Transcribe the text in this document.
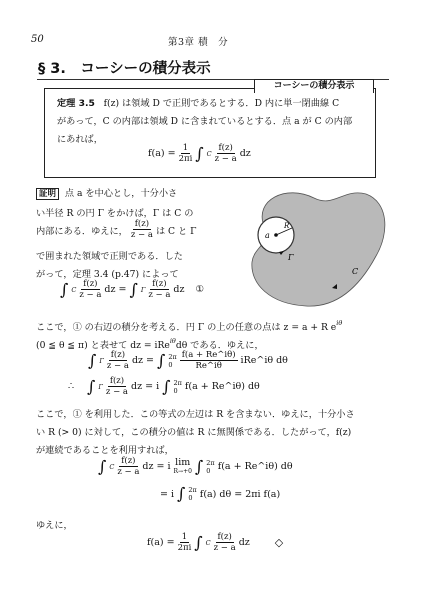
50	第3章 積　分
§ 3.　コーシーの積分表示
コーシーの積分表示
定理 3.5 f(z) は領域 D で正則であるとする．D 内に単一閉曲線 C
があって，C の内部は領域 D に含まれているとする．点 a が C の内部
にあれば，
$f(a) = \frac{1}{2\pi i}$ ∫ C $\frac{f(z)}{z - a}$ dz
証明 点 a を中心とし，十分小さ
い半径 R の円 Γ をかけば，Γ は C の
内部にある．ゆえに， $\frac{f(z)}{z - a}$ は C と Γ
で囲まれた領域で正則である．した
がって，定理 3.4 (p.47) によって
∫ C $\frac{f(z)}{z - a}$ dz = ∫ Γ $\frac{f(z)}{z - a}$ dz ①
a
R
Γ
C
ここで，① の右辺の積分を考える．円 Γ の上の任意の点は z = a + R $e^{i\theta}$
(0 ≦ θ ≦ π) と表せて dz = iRe$^{i\theta}$dθ である．ゆえに，
∫ Γ $\frac{f(z)}{z - a}$ dz = ∫ 2π
$0 \frac{f(a + Re\^{}i\theta)}{Re\^{}i\theta}$ iRe^iθ dθ
∴ ∫ Γ $\frac{f(z)}{z - a}$ dz = i ∫ 2π
0 f(a + Re^iθ) dθ
ここで，① を利用した．この等式の左辺は R を含まない．ゆえに，十分小さ
い R (> 0) に対して，この積分の値は R に無関係である．したがって，f(z)
が連続であることを利用すれば，
∫ C $\frac{f(z)}{z - a}$ dz = i lim
R→+0 ∫ 2π
0 f(a + Re^iθ) dθ
= i ∫ 2π
0 f(a) dθ = 2πi f(a)
ゆえに，
$f(a) = \frac{1}{2\pi i}$ ∫ C $\frac{f(z)}{z - a}$ dz ◇
